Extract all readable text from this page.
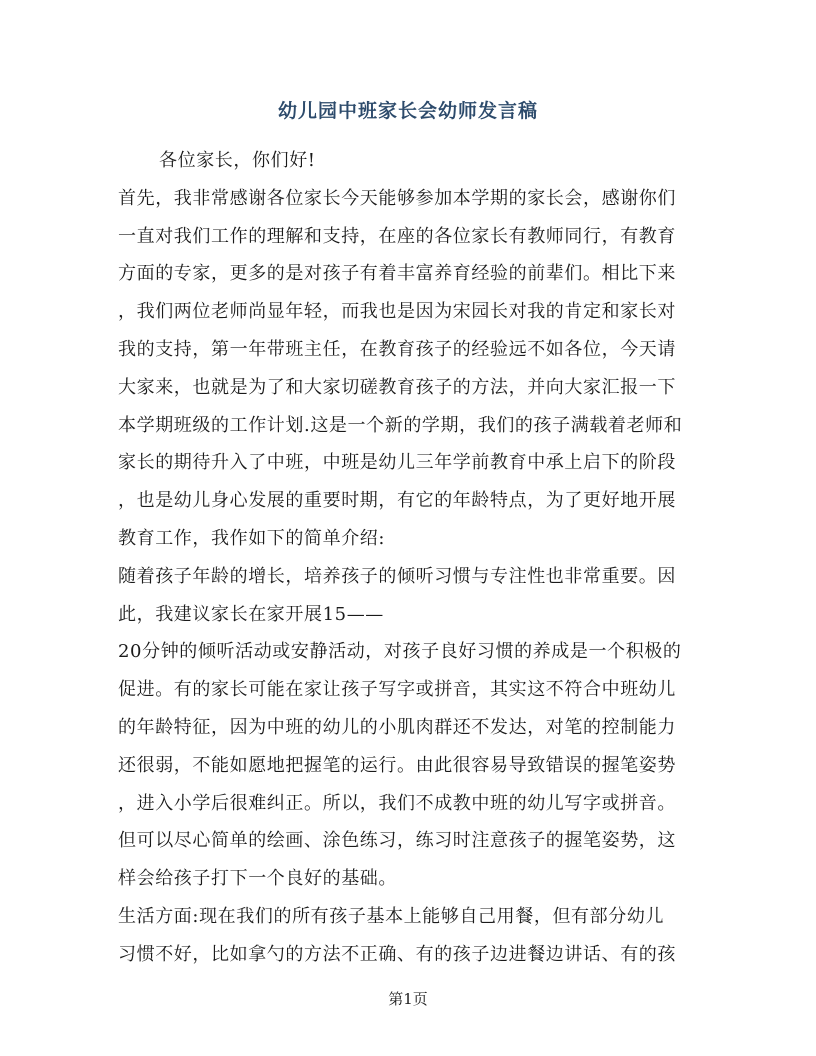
幼儿园中班家长会幼师发言稿
各位家长，你们好!
首先，我非常感谢各位家长今天能够参加本学期的家长会，感谢你们
一直对我们工作的理解和支持，在座的各位家长有教师同行，有教育
方面的专家，更多的是对孩子有着丰富养育经验的前辈们。相比下来
，我们两位老师尚显年轻，而我也是因为宋园长对我的肯定和家长对
我的支持，第一年带班主任，在教育孩子的经验远不如各位，今天请
大家来，也就是为了和大家切磋教育孩子的方法，并向大家汇报一下
本学期班级的工作计划.这是一个新的学期，我们的孩子满载着老师和
家长的期待升入了中班，中班是幼儿三年学前教育中承上启下的阶段
，也是幼儿身心发展的重要时期，有它的年龄特点，为了更好地开展
教育工作，我作如下的简单介绍:
随着孩子年龄的增长，培养孩子的倾听习惯与专注性也非常重要。因
此，我建议家长在家开展15——
20分钟的倾听活动或安静活动，对孩子良好习惯的养成是一个积极的
促进。有的家长可能在家让孩子写字或拼音，其实这不符合中班幼儿
的年龄特征，因为中班的幼儿的小肌肉群还不发达，对笔的控制能力
还很弱，不能如愿地把握笔的运行。由此很容易导致错误的握笔姿势
，进入小学后很难纠正。所以，我们不成教中班的幼儿写字或拼音。
但可以尽心简单的绘画、涂色练习，练习时注意孩子的握笔姿势，这
样会给孩子打下一个良好的基础。
生活方面:现在我们的所有孩子基本上能够自己用餐，但有部分幼儿
习惯不好，比如拿勺的方法不正确、有的孩子边进餐边讲话、有的孩
第1页
